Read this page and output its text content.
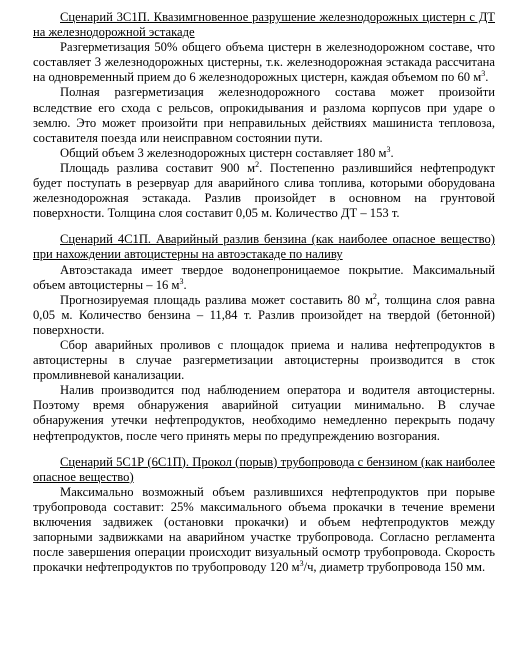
Сценарий 3С1П. Квазимгновенное разрушение железнодорожных цистерн с ДТ на железнодорожной эстакаде

Разгерметизация 50% общего объема цистерн в железнодорожном составе, что составляет 3 железнодорожных цистерны, т.к. железнодорожная эстакада рассчитана на одновременный прием до 6 железнодорожных цистерн, каждая объемом по 60 $м^3$.

Полная разгерметизация железнодорожного состава может произойти вследствие его схода с рельсов, опрокидывания и разлома корпусов при ударе о землю. Это может произойти при неправильных действиях машиниста тепловоза, составителя поезда или неисправном состоянии пути.

Общий объем 3 железнодорожных цистерн составляет 180 $м^3$.

Площадь разлива составит 900 $м^2$. Постепенно разлившийся нефтепродукт будет поступать в резервуар для аварийного слива топлива, которыми оборудована железнодорожная эстакада. Разлив произойдет в основном на грунтовой поверхности. Толщина слоя составит 0,05 м. Количество ДТ – 153 т.

Сценарий 4С1П. Аварийный разлив бензина (как наиболее опасное вещество) при нахождении автоцистерны на автоэстакаде по наливу

Автоэстакада имеет твердое водонепроницаемое покрытие. Максимальный объем автоцистерны – 16 $м^3$.

Прогнозируемая площадь разлива может составить 80 $м^2$, толщина слоя равна 0,05 м. Количество бензина – 11,84 т. Разлив произойдет на твердой (бетонной) поверхности.

Сбор аварийных проливов с площадок приема и налива нефтепродуктов в автоцистерны в случае разгерметизации автоцистерны производится в сток промливневой канализации.

Налив производится под наблюдением оператора и водителя автоцистерны. Поэтому время обнаружения аварийной ситуации минимально. В случае обнаружения утечки нефтепродуктов, необходимо немедленно перекрыть подачу нефтепродуктов, после чего принять меры по предупреждению возгорания.

Сценарий 5С1Р (6С1П). Прокол (порыв) трубопровода с бензином (как наиболее опасное вещество)

Максимально возможный объем разлившихся нефтепродуктов при порыве трубопровода составит: 25% максимального объема прокачки в течение времени включения задвижек (остановки прокачки) и объем нефтепродуктов между запорными задвижками на аварийном участке трубопровода. Согласно регламента после завершения операции происходит визуальный осмотр трубопровода. Скорость прокачки нефтепродуктов по трубопроводу 120 $м^3/ч$, диаметр трубопровода 150 мм.
